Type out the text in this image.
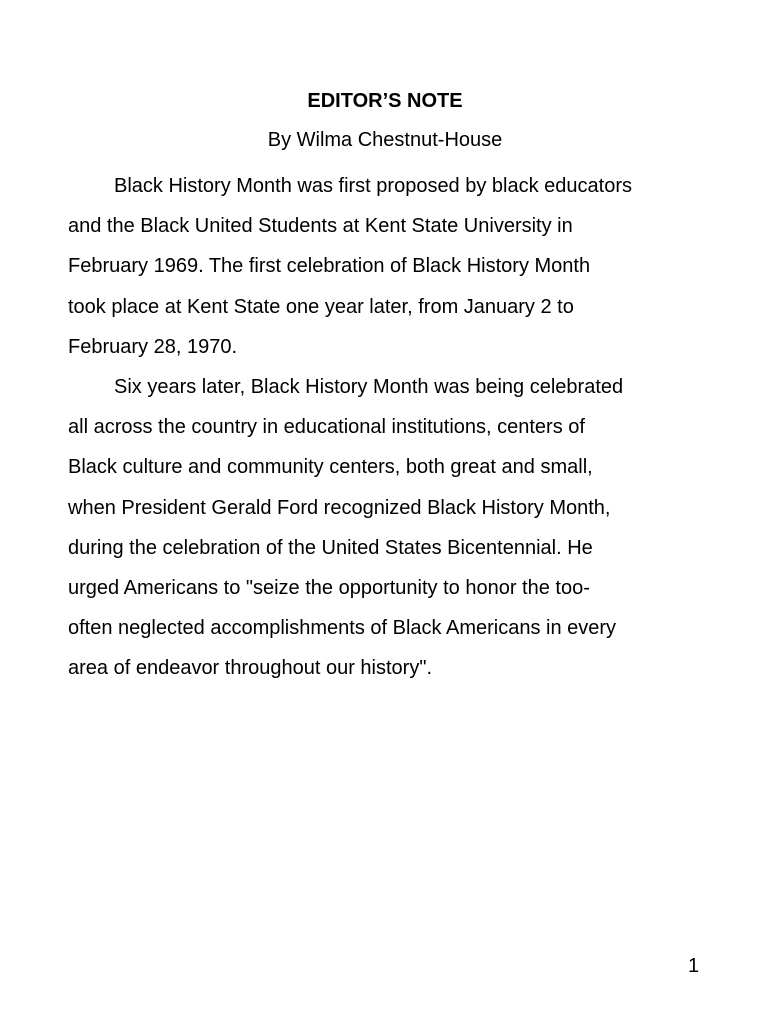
EDITOR’S NOTE
By Wilma Chestnut-House

Black History Month was first proposed by black educators
and the Black United Students at Kent State University in
February 1969. The first celebration of Black History Month
took place at Kent State one year later, from January 2 to
February 28, 1970.

Six years later, Black History Month was being celebrated
all across the country in educational institutions, centers of
Black culture and community centers, both great and small,
when President Gerald Ford recognized Black History Month,
during the celebration of the United States Bicentennial. He
urged Americans to "seize the opportunity to honor the too-
often neglected accomplishments of Black Americans in every
area of endeavor throughout our history".

1
